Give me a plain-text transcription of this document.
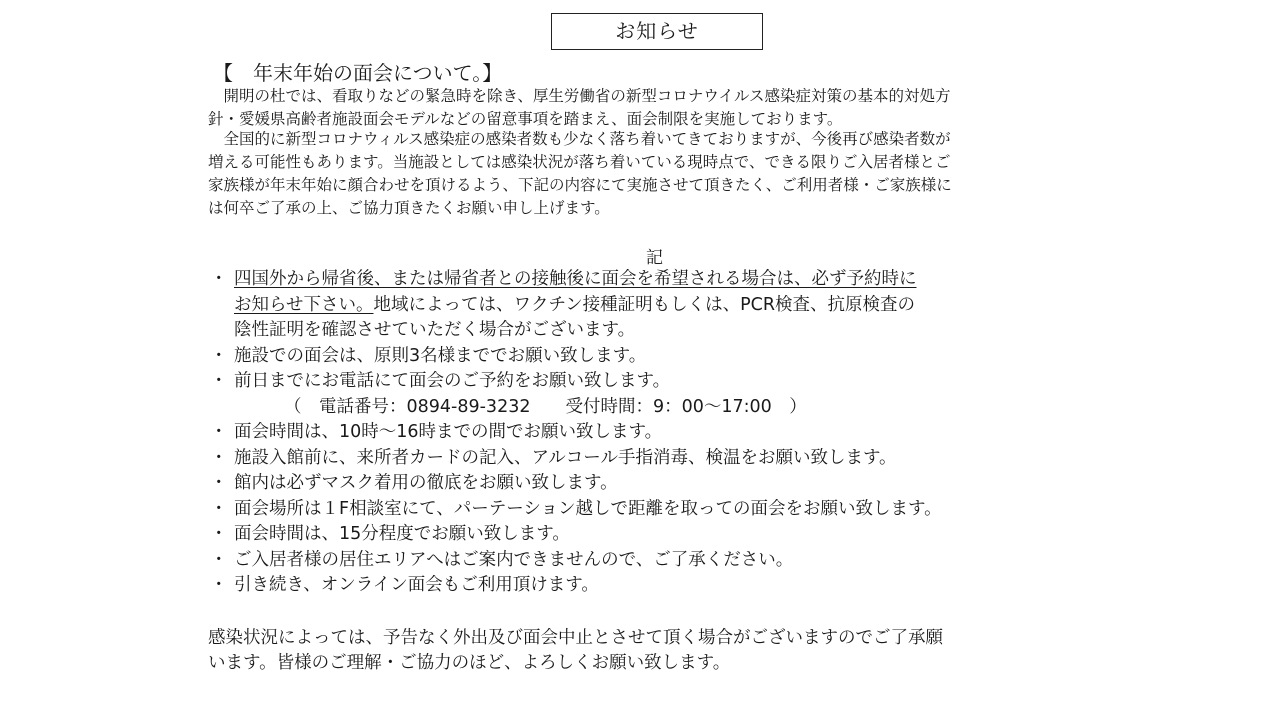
お知らせ
【　年末年始の面会について。】
　開明の杜では、看取りなどの緊急時を除き、厚生労働省の新型コロナウイルス感染症対策の基本的対処方
針・愛媛県高齢者施設面会モデルなどの留意事項を踏まえ、面会制限を実施しております。
　全国的に新型コロナウィルス感染症の感染者数も少なく落ち着いてきておりますが、今後再び感染者数が
増える可能性もあります。当施設としては感染状況が落ち着いている現時点で、できる限りご入居者様とご
家族様が年末年始に顔合わせを頂けるよう、下記の内容にて実施させて頂きたく、ご利用者様・ご家族様に
は何卒ご了承の上、ご協力頂きたくお願い申し上げます。
記
・ 四国外から帰省後、または帰省者との接触後に面会を希望される場合は、必ず予約時に
お知らせ下さい。地域によっては、ワクチン接種証明もしくは、PCR検査、抗原検査の
陰性証明を確認させていただく場合がございます。
・ 施設での面会は、原則3名様まででお願い致します。
・ 前日までにお電話にて面会のご予約をお願い致します。
（　電話番号：0894-89-3232　　受付時間：9：00〜17:00　）
・ 面会時間は、10時〜16時までの間でお願い致します。
・ 施設入館前に、来所者カードの記入、アルコール手指消毒、検温をお願い致します。
・ 館内は必ずマスク着用の徹底をお願い致します。
・ 面会場所は１F相談室にて、パーテーション越しで距離を取っての面会をお願い致します。
・ 面会時間は、15分程度でお願い致します。
・ ご入居者様の居住エリアへはご案内できませんので、ご了承ください。
・ 引き続き、オンライン面会もご利用頂けます。
感染状況によっては、予告なく外出及び面会中止とさせて頂く場合がございますのでご了承願
います。皆様のご理解・ご協力のほど、よろしくお願い致します。
